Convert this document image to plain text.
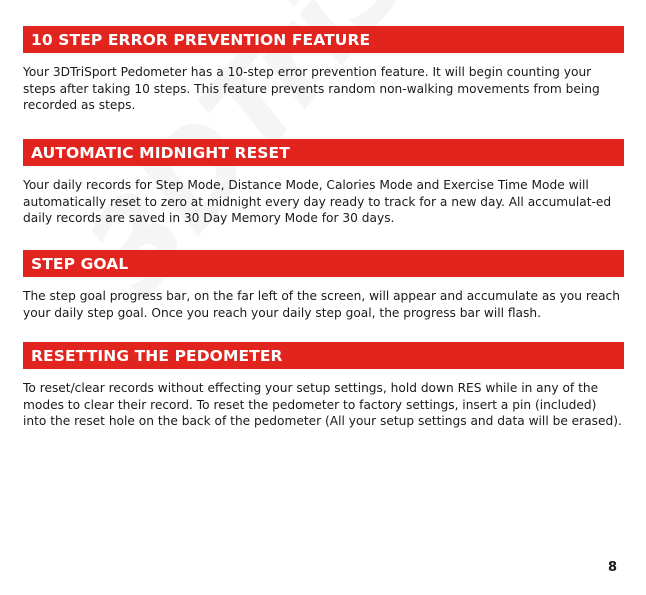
10 STEP ERROR PREVENTION FEATURE

Your 3DTriSport Pedometer has a 10-step error prevention feature. It will begin counting your steps after taking 10 steps. This feature prevents random non-walking movements from being recorded as steps.

AUTOMATIC MIDNIGHT RESET

Your daily records for Step Mode, Distance Mode, Calories Mode and Exercise Time Mode will automatically reset to zero at midnight every day ready to track for a new day. All accumulat-ed daily records are saved in 30 Day Memory Mode for 30 days.

STEP GOAL

The step goal progress bar, on the far left of the screen, will appear and accumulate as you reach your daily step goal. Once you reach your daily step goal, the progress bar will flash.

RESETTING THE PEDOMETER

To reset/clear records without effecting your setup settings, hold down RES while in any of the modes to clear their record. To reset the pedometer to factory settings, insert a pin (included) into the reset hole on the back of the pedometer (All your setup settings and data will be erased).

8
